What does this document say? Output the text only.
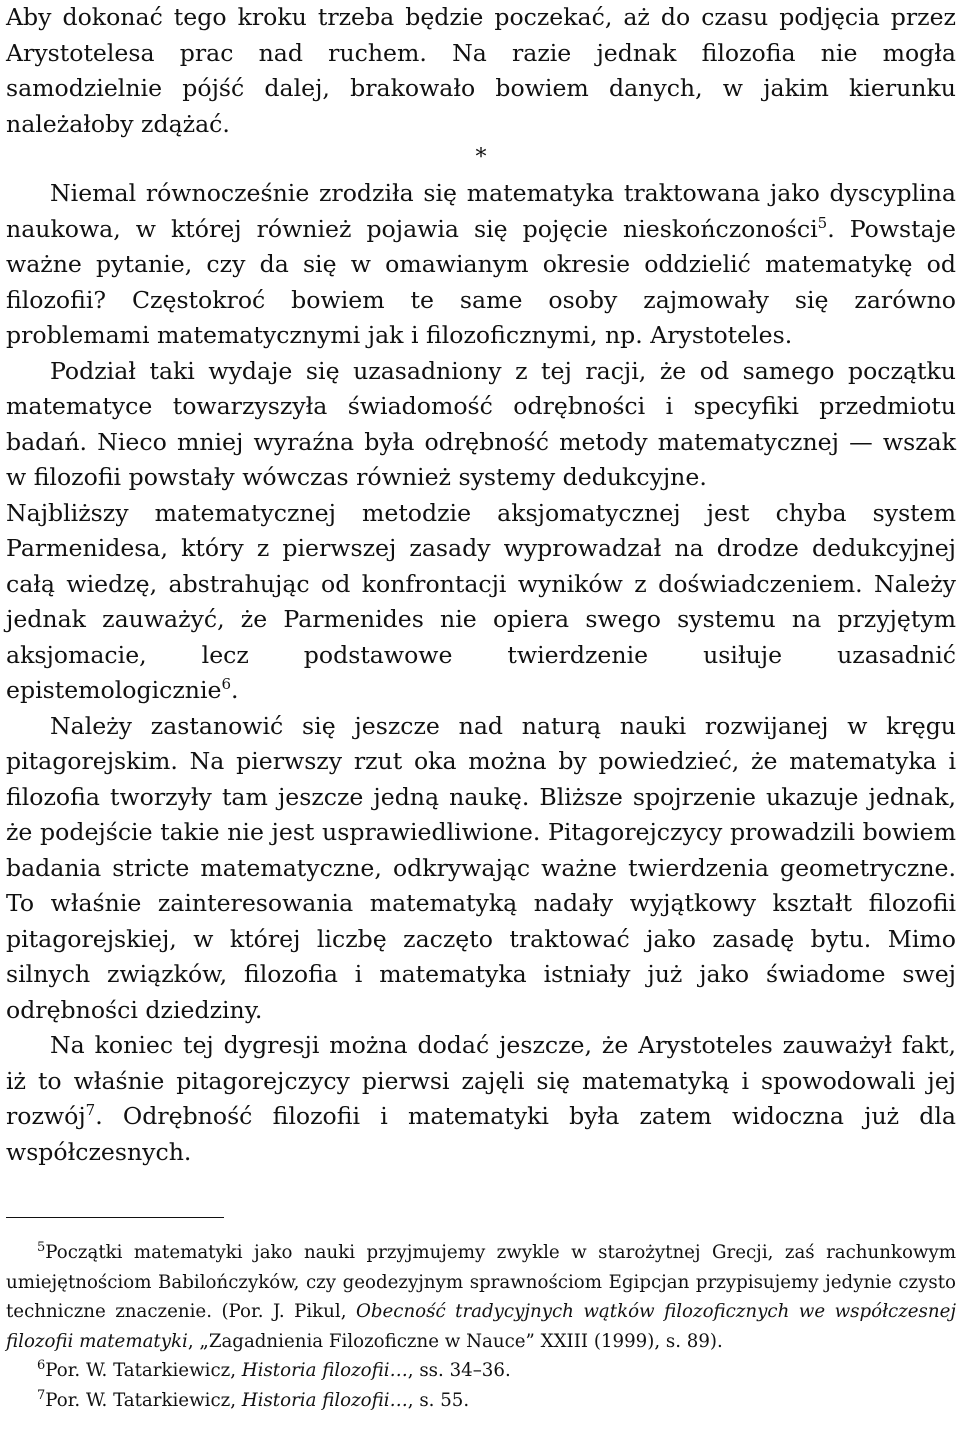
Aby dokonać tego kroku trzeba będzie poczekać, aż do czasu podjęcia przez Arystotelesa prac nad ruchem. Na razie jednak filozofia nie mogła samodzielnie pójść dalej, brakowało bowiem danych, w jakim kierunku należałoby zdążać.

*

Niemal równocześnie zrodziła się matematyka traktowana jako dyscyplina naukowa, w której również pojawia się pojęcie nieskończoności$^5$. Powstaje ważne pytanie, czy da się w omawianym okresie oddzielić matematykę od filozofii? Częstokroć bowiem te same osoby zajmowały się zarówno problemami matematycznymi jak i filozoficznymi, np. Arystoteles.

Podział taki wydaje się uzasadniony z tej racji, że od samego początku matematyce towarzyszyła świadomość odrębności i specyfiki przedmiotu badań. Nieco mniej wyraźna była odrębność metody matematycznej — wszak w filozofii powstały wówczas również systemy dedukcyjne.

Najbliższy matematycznej metodzie aksjomatycznej jest chyba system Parmenidesa, który z pierwszej zasady wyprowadzał na drodze dedukcyjnej całą wiedzę, abstrahując od konfrontacji wyników z doświadczeniem. Należy jednak zauważyć, że Parmenides nie opiera swego systemu na przyjętym aksjomacie, lecz podstawowe twierdzenie usiłuje uzasadnić epistemologicznie$^6$.

Należy zastanowić się jeszcze nad naturą nauki rozwijanej w kręgu pitagorejskim. Na pierwszy rzut oka można by powiedzieć, że matematyka i filozofia tworzyły tam jeszcze jedną naukę. Bliższe spojrzenie ukazuje jednak, że podejście takie nie jest usprawiedliwione. Pitagorejczycy prowadzili bowiem badania stricte matematyczne, odkrywając ważne twierdzenia geometryczne. To właśnie zainteresowania matematyką nadały wyjątkowy kształt filozofii pitagorejskiej, w której liczbę zaczęto traktować jako zasadę bytu. Mimo silnych związków, filozofia i matematyka istniały już jako świadome swej odrębności dziedziny.

Na koniec tej dygresji można dodać jeszcze, że Arystoteles zauważył fakt, iż to właśnie pitagorejczycy pierwsi zajęli się matematyką i spowodowali jej rozwój$^7$. Odrębność filozofii i matematyki była zatem widoczna już dla współczesnych.

$^5$Początki matematyki jako nauki przyjmujemy zwykle w starożytnej Grecji, zaś rachunkowym umiejętnościom Babilończyków, czy geodezyjnym sprawnościom Egipcjan przypisujemy jedynie czysto techniczne znaczenie. (Por. J. Pikul, Obecność tradycyjnych wątków filozoficznych we współczesnej filozofii matematyki, „Zagadnienia Filozoficzne w Nauce” XXIII (1999), s. 89).

$^6$Por. W. Tatarkiewicz, Historia filozofii…, ss. 34–36.

$^7$Por. W. Tatarkiewicz, Historia filozofii…, s. 55.
